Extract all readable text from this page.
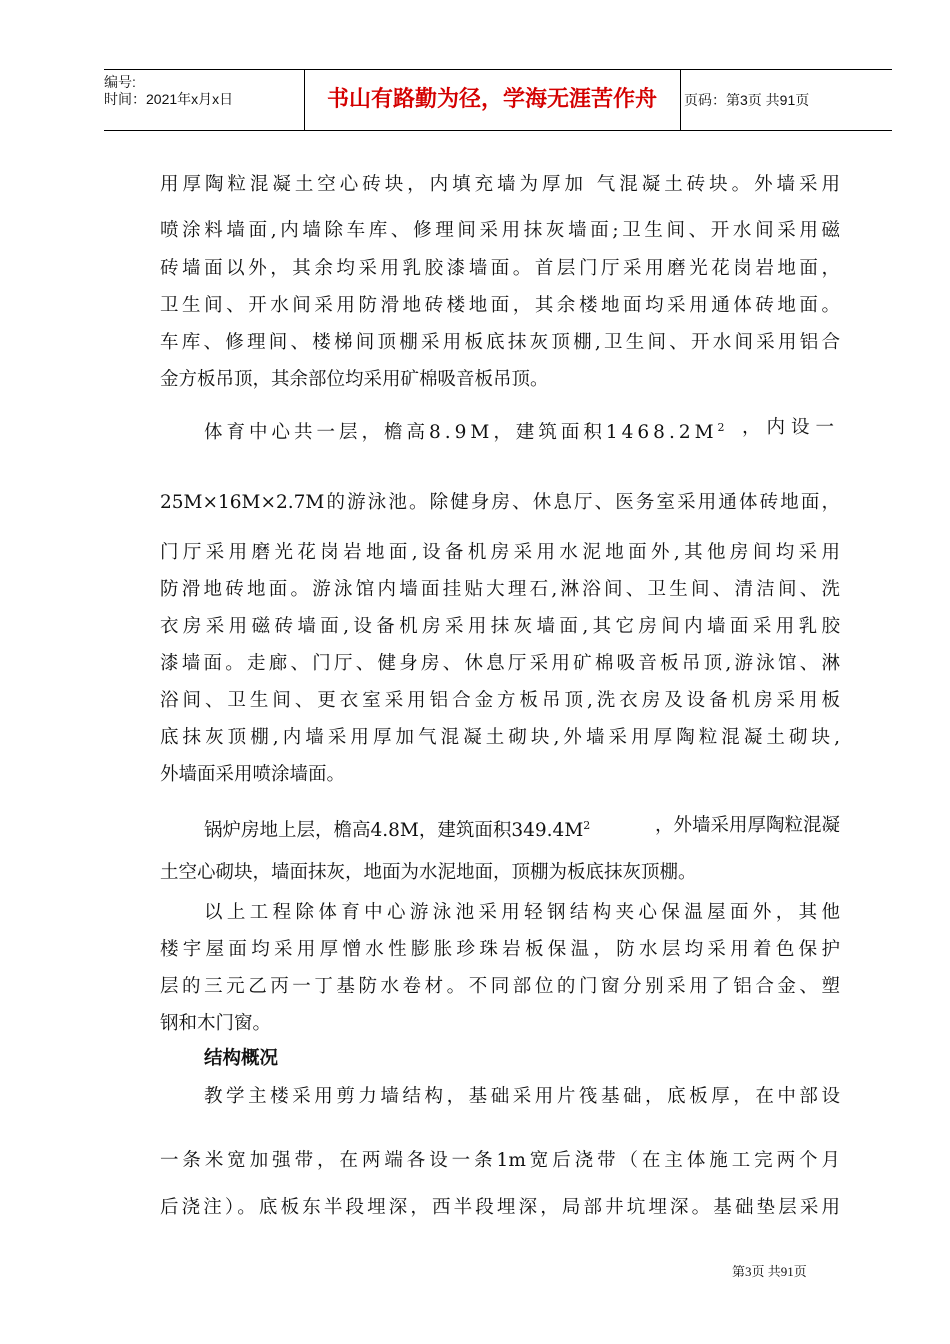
编号:
时间：2021年x月x日	书山有路勤为径，学海无涯苦作舟	页码：第3页 共91页
用厚陶粒混凝土空心砖块，内填充墙为厚加 气混凝土砖块。外墙采用
喷涂料墙面,内墙除车库、修理间采用抹灰墙面;卫生间、开水间采用磁
砖墙面以外，其余均采用乳胶漆墙面。首层门厅采用磨光花岗岩地面，
卫生间、开水间采用防滑地砖楼地面，其余楼地面均采用通体砖地面。
车库、修理间、楼梯间顶棚采用板底抹灰顶棚,卫生间、开水间采用铝合
金方板吊顶，其余部位均采用矿棉吸音板吊顶。
体育中心共一层，檐高8.9M，建筑面积$1468.2M^2$ ，内设一
25M×16M×2.7M的游泳池。除健身房、休息厅、医务室采用通体砖地面，
门厅采用磨光花岗岩地面,设备机房采用水泥地面外,其他房间均采用
防滑地砖地面。游泳馆内墙面挂贴大理石,淋浴间、卫生间、清洁间、洗
衣房采用磁砖墙面,设备机房采用抹灰墙面,其它房间内墙面采用乳胶
漆墙面。走廊、门厅、健身房、休息厅采用矿棉吸音板吊顶,游泳馆、淋
浴间、卫生间、更衣室采用铝合金方板吊顶,洗衣房及设备机房采用板
底抹灰顶棚,内墙采用厚加气混凝土砌块,外墙采用厚陶粒混凝土砌块,
外墙面采用喷涂墙面。
锅炉房地上层，檐高4.8M，建筑面积$349.4M^2$	，外墙采用厚陶粒混凝
土空心砌块，墙面抹灰，地面为水泥地面，顶棚为板底抹灰顶棚。
以上工程除体育中心游泳池采用轻钢结构夹心保温屋面外，其他
楼宇屋面均采用厚憎水性膨胀珍珠岩板保温，防水层均采用着色保护
层的三元乙丙一丁基防水卷材。不同部位的门窗分别采用了铝合金、塑
钢和木门窗。
结构概况
教学主楼采用剪力墙结构，基础采用片筏基础，底板厚，在中部设
一条米宽加强带，在两端各设一条1m宽后浇带（在主体施工完两个月
后浇注）。底板东半段埋深，西半段埋深，局部井坑埋深。基础垫层采用
第3页 共91页
